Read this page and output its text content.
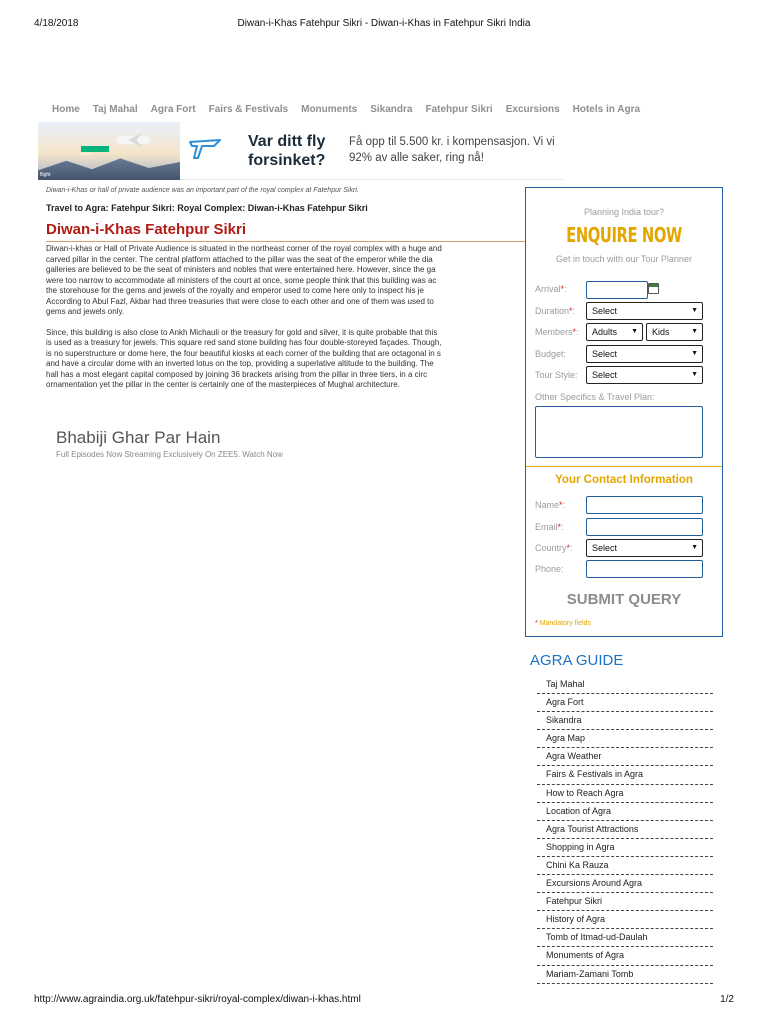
4/18/2018	Diwan-i-Khas Fatehpur Sikri - Diwan-i-Khas in Fatehpur Sikri India
Home Taj Mahal Agra Fort Fairs & Festivals Monuments Sikandra Fatehpur Sikri Excursions Hotels in Agra
*****
flight
Var ditt fly forsinket?
Få opp til 5.500 kr. i kompensasjon. Vi vi
92% av alle saker, ring nå!
Diwan-i-Khas or hall of private audience was an important part of the royal complex at Fatehpur Sikri.
Travel to Agra: Fatehpur Sikri: Royal Complex: Diwan-i-Khas Fatehpur Sikri
Diwan-i-Khas Fatehpur Sikri

Diwan-i-khas or Hall of Private Audience is situated in the northeast corner of the royal complex with a huge and
carved pillar in the center. The central platform attached to the pillar was the seat of the emperor while the dia
galleries are believed to be the seat of ministers and nobles that were entertained here. However, since the ga
were too narrow to accommodate all ministers of the court at once, some people think that this building was ac
the storehouse for the gems and jewels of the royalty and emperor used to come here only to inspect his je
According to Abul Fazl, Akbar had three treasuries that were close to each other and one of them was used to
gems and jewels only.

Since, this building is also close to Ankh Michauli or the treasury for gold and silver, it is quite probable that this
is used as a treasury for jewels. This square red sand stone building has four double-storeyed façades. Though,
is no superstructure or dome here, the four beautiful kiosks at each corner of the building that are octagonal in s
and have a circular dome with an inverted lotus on the top, providing a superlative altitude to the building. The
hall has a most elegant capital composed by joining 36 brackets arising from the pillar in three tiers, in a circ
ornamentation yet the pillar in the center is certainly one of the masterpieces of Mughal architecture.

Bhabiji Ghar Par Hain
Full Episodes Now Streaming Exclusively On ZEE5. Watch Now
Planning India tour?
ENQUIRE NOW
Get in touch with our Tour Planner
Arrival*:
Duration*:	Select	▼
Members*:	Adults ▼	Kids	▼
Budget:	Select	▼
Tour Style:	Select	▼
Other Specifics & Travel Plan:
Your Contact Information
Name*:
Email*:
Country*:	Select	▼
Phone:
SUBMIT QUERY
* Mandatory fields
AGRA GUIDE
Taj Mahal
Agra Fort
Sikandra
Agra Map
Agra Weather
Fairs & Festivals in Agra
How to Reach Agra
Location of Agra
Agra Tourist Attractions
Shopping in Agra
Chini Ka Rauza
Excursions Around Agra
Fatehpur Sikri
History of Agra
Tomb of Itmad-ud-Daulah
Monuments of Agra
Mariam-Zamani Tomb
http://www.agraindia.org.uk/fatehpur-sikri/royal-complex/diwan-i-khas.html	1/2
